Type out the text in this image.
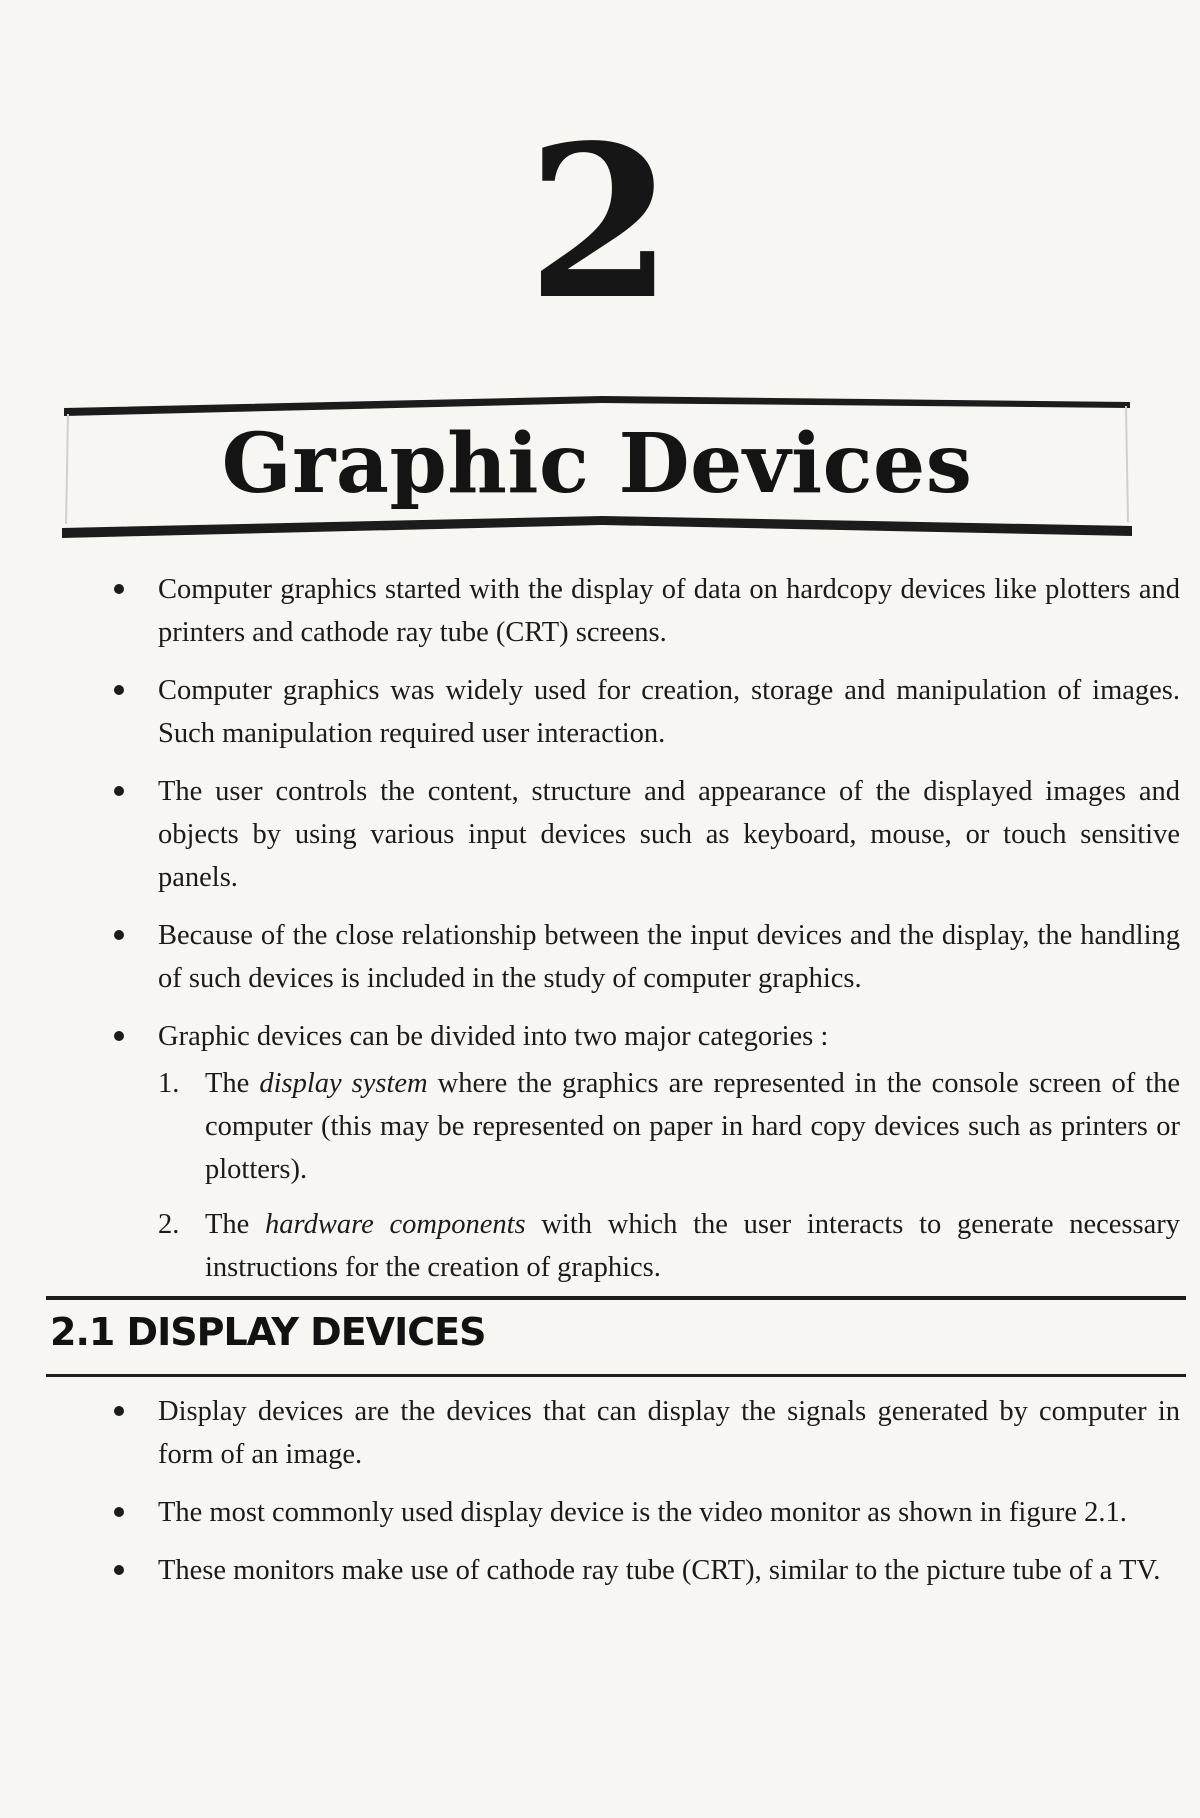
2
Graphic Devices
Computer graphics started with the display of data on hardcopy devices like plotters and printers and cathode ray tube (CRT) screens.
Computer graphics was widely used for creation, storage and manipulation of images. Such manipulation required user interaction.
The user controls the content, structure and appearance of the displayed images and objects by using various input devices such as keyboard, mouse, or touch sensitive panels.
Because of the close relationship between the input devices and the display, the handling of such devices is included in the study of computer graphics.
Graphic devices can be divided into two major categories :
1. The display system where the graphics are represented in the console screen of the computer (this may be represented on paper in hard copy devices such as printers or plotters).
2. The hardware components with which the user interacts to generate necessary instructions for the creation of graphics.
2.1 DISPLAY DEVICES
Display devices are the devices that can display the signals generated by computer in form of an image.
The most commonly used display device is the video monitor as shown in figure 2.1.
These monitors make use of cathode ray tube (CRT), similar to the picture tube of a TV.
